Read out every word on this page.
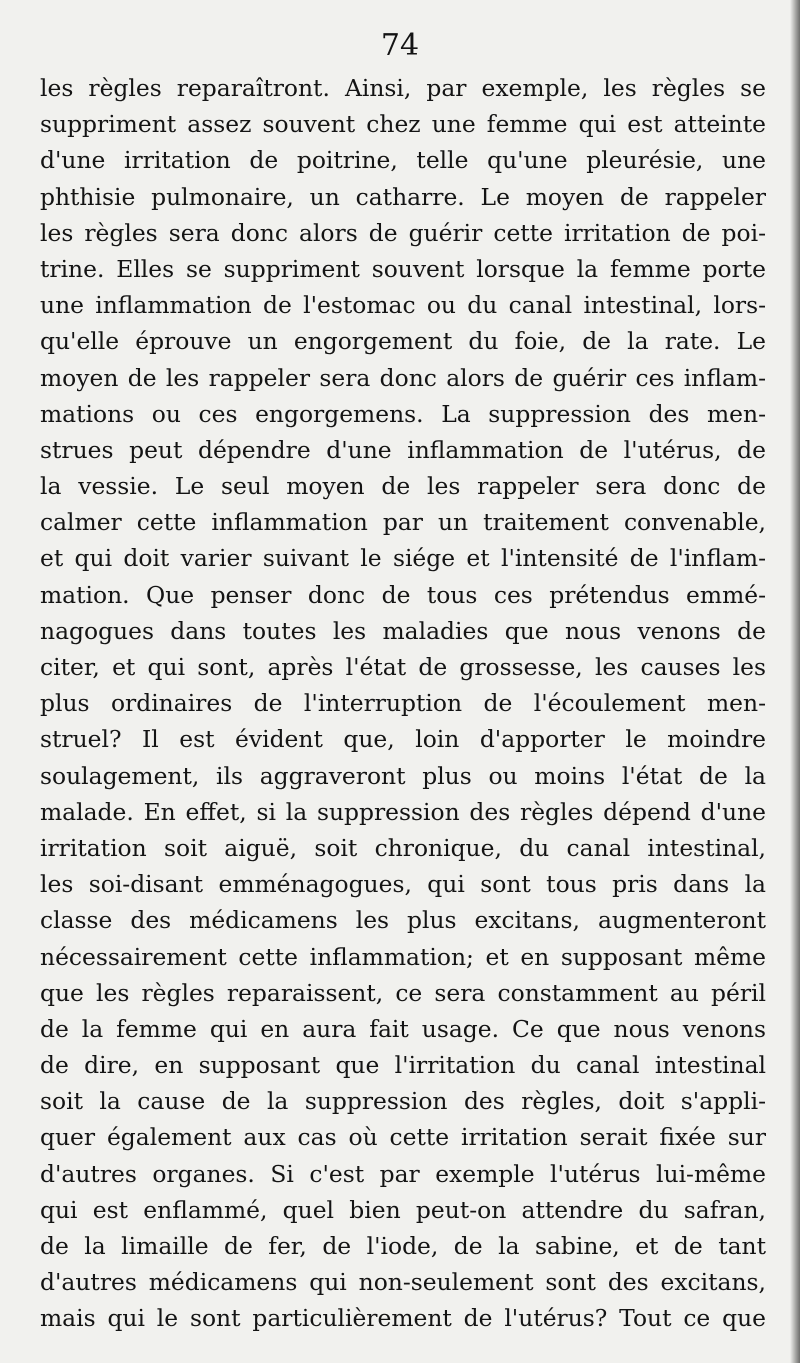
74
les règles reparaîtront. Ainsi, par exemple, les règles se
suppriment assez souvent chez une femme qui est atteinte
d'une irritation de poitrine, telle qu'une pleurésie, une
phthisie pulmonaire, un catharre. Le moyen de rappeler
les règles sera donc alors de guérir cette irritation de poi-
trine. Elles se suppriment souvent lorsque la femme porte
une inflammation de l'estomac ou du canal intestinal, lors-
qu'elle éprouve un engorgement du foie, de la rate. Le
moyen de les rappeler sera donc alors de guérir ces inflam-
mations ou ces engorgemens. La suppression des men-
strues peut dépendre d'une inflammation de l'utérus, de
la vessie. Le seul moyen de les rappeler sera donc de
calmer cette inflammation par un traitement convenable,
et qui doit varier suivant le siége et l'intensité de l'inflam-
mation. Que penser donc de tous ces prétendus emmé-
nagogues dans toutes les maladies que nous venons de
citer, et qui sont, après l'état de grossesse, les causes les
plus ordinaires de l'interruption de l'écoulement men-
struel? Il est évident que, loin d'apporter le moindre
soulagement, ils aggraveront plus ou moins l'état de la
malade. En effet, si la suppression des règles dépend d'une
irritation soit aiguë, soit chronique, du canal intestinal,
les soi-disant emménagogues, qui sont tous pris dans la
classe des médicamens les plus excitans, augmenteront
nécessairement cette inflammation; et en supposant même
que les règles reparaissent, ce sera constamment au péril
de la femme qui en aura fait usage. Ce que nous venons
de dire, en supposant que l'irritation du canal intestinal
soit la cause de la suppression des règles, doit s'appli-
quer également aux cas où cette irritation serait fixée sur
d'autres organes. Si c'est par exemple l'utérus lui-même
qui est enflammé, quel bien peut-on attendre du safran,
de la limaille de fer, de l'iode, de la sabine, et de tant
d'autres médicamens qui non-seulement sont des excitans,
mais qui le sont particulièrement de l'utérus? Tout ce que
